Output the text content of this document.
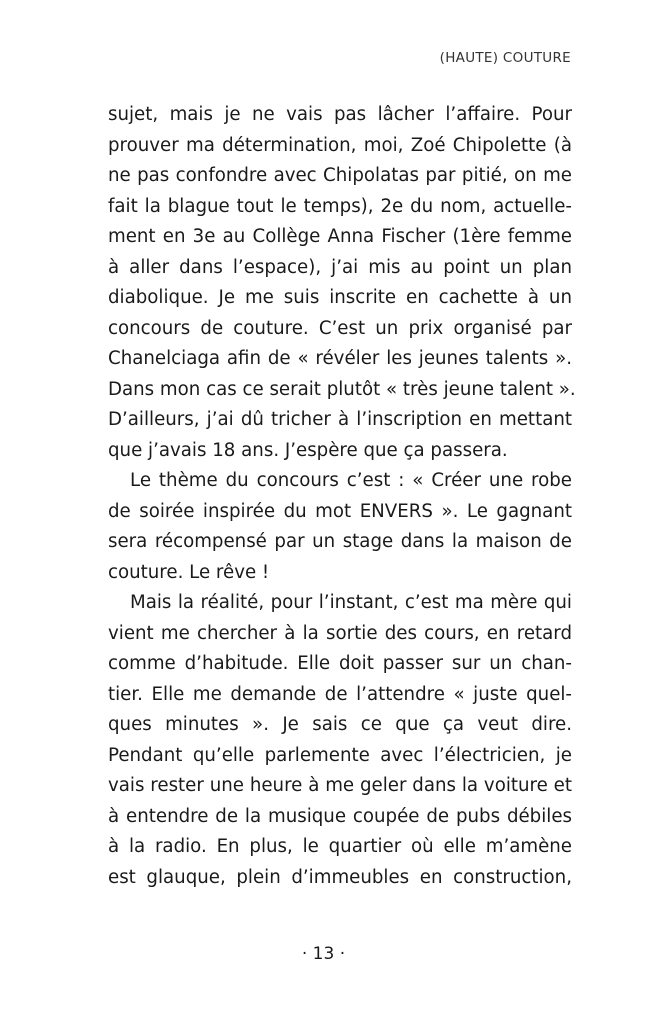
(HAUTE) COUTURE
sujet, mais je ne vais pas lâcher l’affaire. Pour
prouver ma détermination, moi, Zoé Chipolette (à
ne pas confondre avec Chipolatas par pitié, on me
fait la blague tout le temps), 2e du nom, actuelle-
ment en 3e au Collège Anna Fischer (1ère femme
à aller dans l’espace), j’ai mis au point un plan
diabolique. Je me suis inscrite en cachette à un
concours de couture. C’est un prix organisé par
Chanelciaga afin de « révéler les jeunes talents ».
Dans mon cas ce serait plutôt « très jeune talent ».
D’ailleurs, j’ai dû tricher à l’inscription en mettant
que j’avais 18 ans. J’espère que ça passera.
Le thème du concours c’est : « Créer une robe
de soirée inspirée du mot ENVERS ». Le gagnant
sera récompensé par un stage dans la maison de
couture. Le rêve !
Mais la réalité, pour l’instant, c’est ma mère qui
vient me chercher à la sortie des cours, en retard
comme d’habitude. Elle doit passer sur un chan-
tier. Elle me demande de l’attendre « juste quel-
ques minutes ». Je sais ce que ça veut dire.
Pendant qu’elle parlemente avec l’électricien, je
vais rester une heure à me geler dans la voiture et
à entendre de la musique coupée de pubs débiles
à la radio. En plus, le quartier où elle m’amène
est glauque, plein d’immeubles en construction,
· 13 ·
